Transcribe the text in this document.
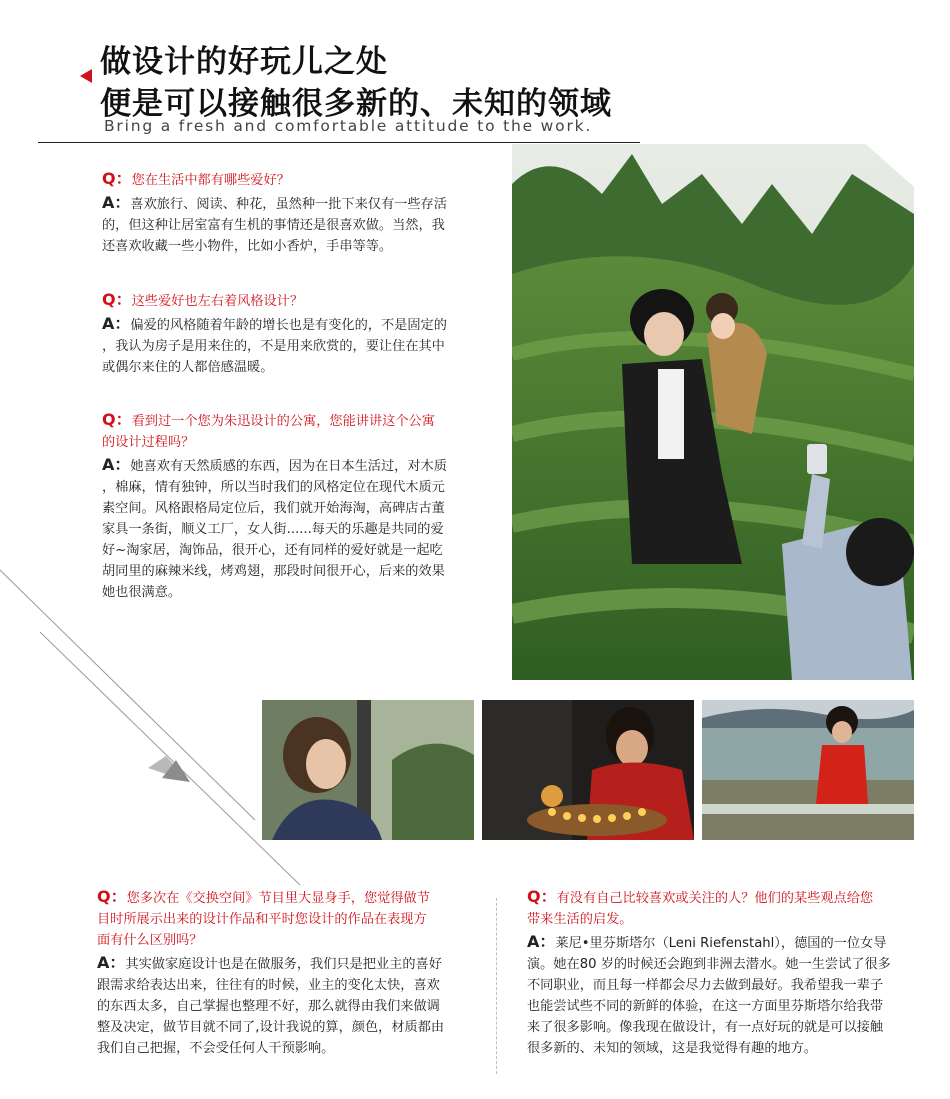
做设计的好玩儿之处
便是可以接触很多新的、未知的领域
Bring a fresh and comfortable attitude to the work.
Q：您在生活中都有哪些爱好？
A：喜欢旅行、阅读、种花，虽然种一批下来仅有一些存活
的，但这种让居室富有生机的事情还是很喜欢做。当然，我
还喜欢收藏一些小物件，比如小香炉，手串等等。
Q：这些爱好也左右着风格设计？
A：偏爱的风格随着年龄的增长也是有变化的，不是固定的
，我认为房子是用来住的，不是用来欣赏的，要让住在其中
或偶尔来住的人都倍感温暖。
Q：看到过一个您为朱迅设计的公寓，您能讲讲这个公寓
的设计过程吗？
A：她喜欢有天然质感的东西，因为在日本生活过，对木质
，棉麻，情有独钟，所以当时我们的风格定位在现代木质元
素空间。风格跟格局定位后，我们就开始海淘，高碑店古董
家具一条街，顺义工厂，女人街......每天的乐趣是共同的爱
好~淘家居，淘饰品，很开心，还有同样的爱好就是一起吃
胡同里的麻辣米线，烤鸡翅，那段时间很开心，后来的效果
她也很满意。
Q：您多次在《交换空间》节目里大显身手，您觉得做节
目时所展示出来的设计作品和平时您设计的作品在表现方
面有什么区别吗？
A：其实做家庭设计也是在做服务，我们只是把业主的喜好
跟需求给表达出来，往往有的时候，业主的变化太快，喜欢
的东西太多，自己掌握也整理不好，那么就得由我们来做调
整及决定，做节目就不同了,设计我说的算，颜色，材质都由
我们自己把握，不会受任何人干预影响。
Q：有没有自己比较喜欢或关注的人？他们的某些观点给您
带来生活的启发。
A：莱尼•里芬斯塔尔（Leni Riefenstahl），德国的一位女导
演。她在80 岁的时候还会跑到非洲去潜水。她一生尝试了很多
不同职业，而且每一样都会尽力去做到最好。我希望我一辈子
也能尝试些不同的新鲜的体验，在这一方面里芬斯塔尔给我带
来了很多影响。像我现在做设计，有一点好玩的就是可以接触
很多新的、未知的领域，这是我觉得有趣的地方。
